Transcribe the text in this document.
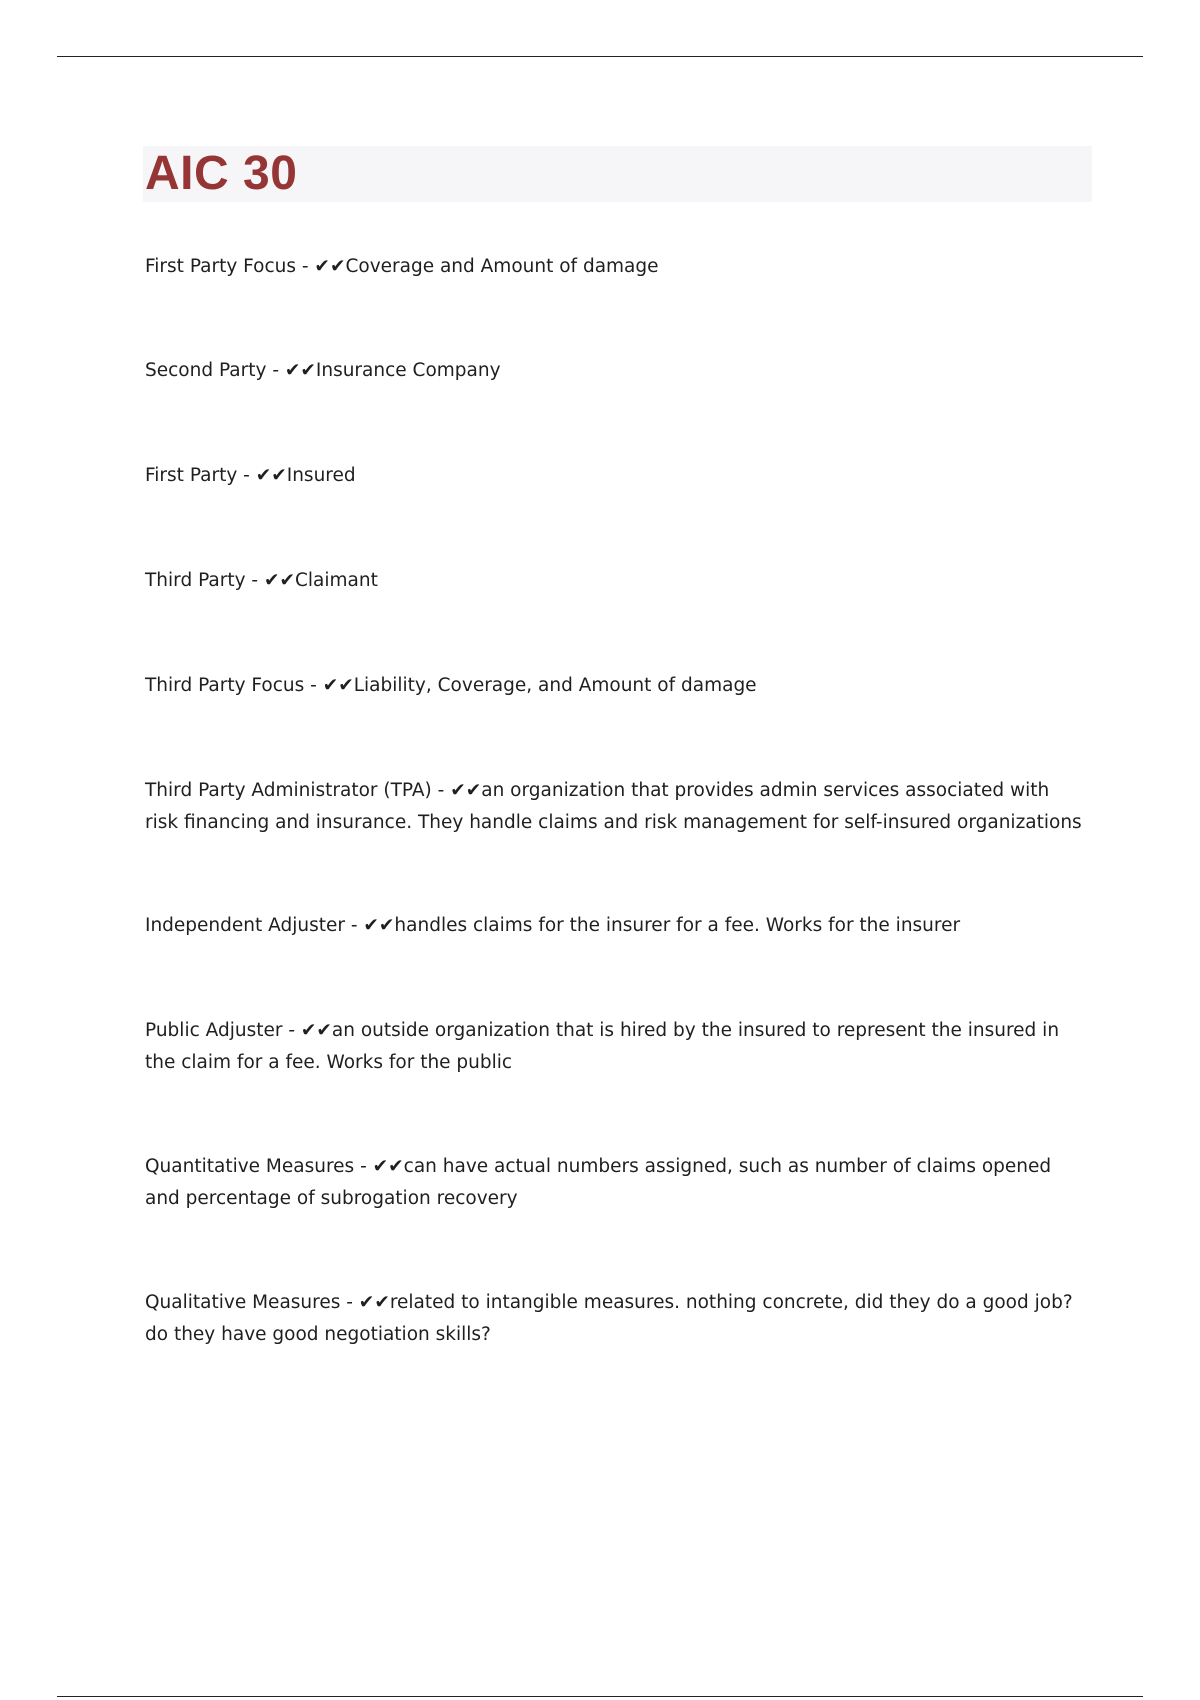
AIC 30

First Party Focus - ✔✔Coverage and Amount of damage

Second Party - ✔✔Insurance Company

First Party - ✔✔Insured

Third Party - ✔✔Claimant

Third Party Focus - ✔✔Liability, Coverage, and Amount of damage

Third Party Administrator (TPA) - ✔✔an organization that provides admin services associated with risk financing and insurance. They handle claims and risk management for self-insured organizations

Independent Adjuster - ✔✔handles claims for the insurer for a fee. Works for the insurer

Public Adjuster - ✔✔an outside organization that is hired by the insured to represent the insured in the claim for a fee. Works for the public

Quantitative Measures - ✔✔can have actual numbers assigned, such as number of claims opened and percentage of subrogation recovery

Qualitative Measures - ✔✔related to intangible measures. nothing concrete, did they do a good job? do they have good negotiation skills?
